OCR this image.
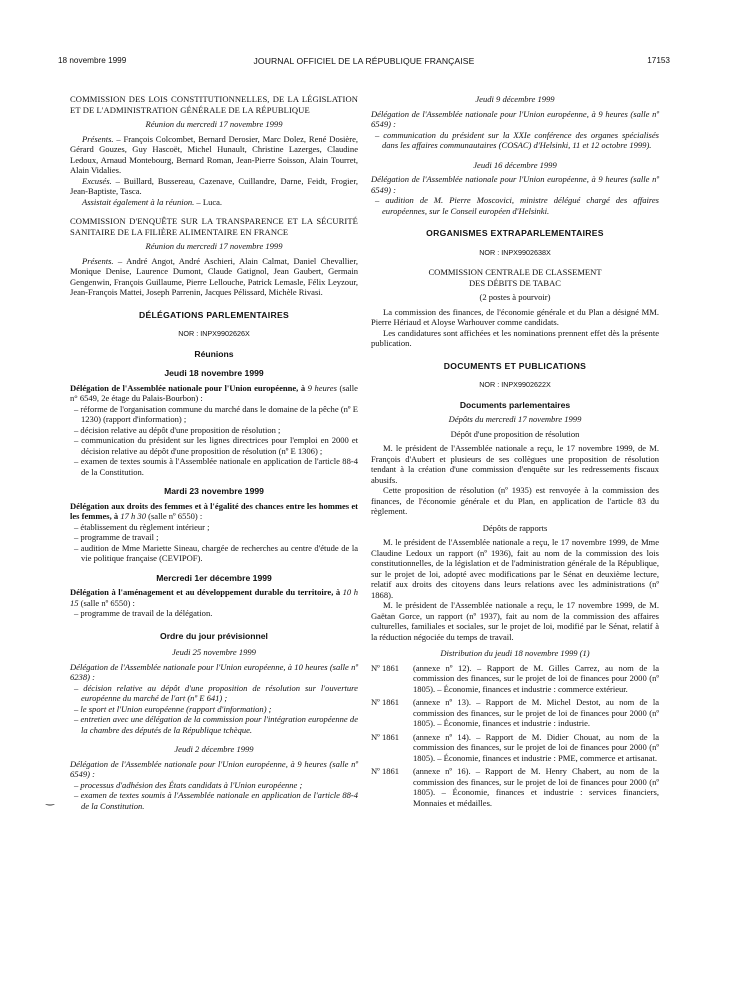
18 novembre 1999	JOURNAL OFFICIEL DE LA RÉPUBLIQUE FRANÇAISE	17153
‿

COMMISSION DES LOIS CONSTITUTIONNELLES, DE LA LÉGISLATION ET DE L'ADMINISTRATION GÉNÉRALE DE LA RÉPUBLIQUE

Réunion du mercredi 17 novembre 1999

Présents. – François Colcombet, Bernard Derosier, Marc Dolez, René Dosière, Gérard Gouzes, Guy Hascoët, Michel Hunault, Christine Lazerges, Claudine Ledoux, Arnaud Montebourg, Bernard Roman, Jean-Pierre Soisson, Alain Tourret, Alain Vidalies.

Excusés. – Buillard, Bussereau, Cazenave, Cuillandre, Darne, Feidt, Frogier, Jean-Baptiste, Tasca.

Assistait également à la réunion. – Luca.

COMMISSION D'ENQUÊTE SUR LA TRANSPARENCE ET LA SÉCURITÉ SANITAIRE DE LA FILIÈRE ALIMENTAIRE EN FRANCE

Réunion du mercredi 17 novembre 1999

Présents. – André Angot, André Aschieri, Alain Calmat, Daniel Chevallier, Monique Denise, Laurence Dumont, Claude Gatignol, Jean Gaubert, Germain Gengenwin, François Guillaume, Pierre Lellouche, Patrick Lemasle, Félix Leyzour, Jean-François Mattei, Joseph Parrenin, Jacques Pélissard, Michèle Rivasi.

DÉLÉGATIONS PARLEMENTAIRES

NOR : INPX9902626X

Réunions

Jeudi 18 novembre 1999

Délégation de l'Assemblée nationale pour l'Union européenne, à 9 heures (salle n° 6549, 2e étage du Palais-Bourbon) :

– réforme de l'organisation commune du marché dans le domaine de la pêche (nº E 1230) (rapport d'information) ;
– décision relative au dépôt d'une proposition de résolution ;
– communication du président sur les lignes directrices pour l'emploi en 2000 et décision relative au dépôt d'une proposition de résolution (nº E 1306) ;
– examen de textes soumis à l'Assemblée nationale en application de l'article 88-4 de la Constitution.

Mardi 23 novembre 1999

Délégation aux droits des femmes et à l'égalité des chances entre les hommes et les femmes, à 17 h 30 (salle nº 6550) :

– établissement du règlement intérieur ;
– programme de travail ;
– audition de Mme Mariette Sineau, chargée de recherches au centre d'étude de la vie politique française (CEVIPOF).

Mercredi 1er décembre 1999

Délégation à l'aménagement et au développement durable du territoire, à 10 h 15 (salle nº 6550) :

– programme de travail de la délégation.

Ordre du jour prévisionnel

Jeudi 25 novembre 1999

Délégation de l'Assemblée nationale pour l'Union européenne, à 10 heures (salle nº 6238) :

– décision relative au dépôt d'une proposition de résolution sur l'ouverture européenne du marché de l'art (nº E 641) ;
– le sport et l'Union européenne (rapport d'information) ;
– entretien avec une délégation de la commission pour l'intégration européenne de la chambre des députés de la République tchèque.

Jeudi 2 décembre 1999

Délégation de l'Assemblée nationale pour l'Union européenne, à 9 heures (salle nº 6549) :

– processus d'adhésion des États candidats à l'Union européenne ;
– examen de textes soumis à l'Assemblée nationale en application de l'article 88-4 de la Constitution.

Jeudi 9 décembre 1999

Délégation de l'Assemblée nationale pour l'Union européenne, à 9 heures (salle nº 6549) :

– communication du président sur la XXIe conférence des organes spécialisés dans les affaires communautaires (COSAC) d'Helsinki, 11 et 12 octobre 1999).

Jeudi 16 décembre 1999

Délégation de l'Assemblée nationale pour l'Union européenne, à 9 heures (salle nº 6549) :

– audition de M. Pierre Moscovici, ministre délégué chargé des affaires européennes, sur le Conseil européen d'Helsinki.

ORGANISMES EXTRAPARLEMENTAIRES

NOR : INPX9902638X

COMMISSION CENTRALE DE CLASSEMENT

DES DÉBITS DE TABAC

(2 postes à pourvoir)

La commission des finances, de l'économie générale et du Plan a désigné MM. Pierre Hériaud et Aloyse Warhouver comme candidats.

Les candidatures sont affichées et les nominations prennent effet dès la présente publication.

DOCUMENTS ET PUBLICATIONS

NOR : INPX9902622X

Documents parlementaires

Dépôts du mercredi 17 novembre 1999

Dépôt d'une proposition de résolution

M. le président de l'Assemblée nationale a reçu, le 17 novembre 1999, de M. François d'Aubert et plusieurs de ses collègues une proposition de résolution tendant à la création d'une commission d'enquête sur les redressements fiscaux abusifs.

Cette proposition de résolution (nº 1935) est renvoyée à la commission des finances, de l'économie générale et du Plan, en application de l'article 83 du règlement.

Dépôts de rapports

M. le président de l'Assemblée nationale a reçu, le 17 novembre 1999, de Mme Claudine Ledoux un rapport (nº 1936), fait au nom de la commission des lois constitutionnelles, de la législation et de l'administration générale de la République, sur le projet de loi, adopté avec modifications par le Sénat en deuxième lecture, relatif aux droits des citoyens dans leurs relations avec les administrations (nº 1868).

M. le président de l'Assemblée nationale a reçu, le 17 novembre 1999, de M. Gaëtan Gorce, un rapport (nº 1937), fait au nom de la commission des affaires culturelles, familiales et sociales, sur le projet de loi, modifié par le Sénat, relatif à la réduction négociée du temps de travail.

Distribution du jeudi 18 novembre 1999 (1)

Nº 1861	(annexe nº 12). – Rapport de M. Gilles Carrez, au nom de la commission des finances, sur le projet de loi de finances pour 2000 (nº 1805). – Économie, finances et industrie : commerce extérieur.
Nº 1861	(annexe nº 13). – Rapport de M. Michel Destot, au nom de la commission des finances, sur le projet de loi de finances pour 2000 (nº 1805). – Économie, finances et industrie : industrie.
Nº 1861	(annexe nº 14). – Rapport de M. Didier Chouat, au nom de la commission des finances, sur le projet de loi de finances pour 2000 (nº 1805). – Économie, finances et industrie : PME, commerce et artisanat.
Nº 1861	(annexe nº 16). – Rapport de M. Henry Chabert, au nom de la commission des finances, sur le projet de loi de finances pour 2000 (nº 1805). – Économie, finances et industrie : services financiers, Monnaies et médailles.
